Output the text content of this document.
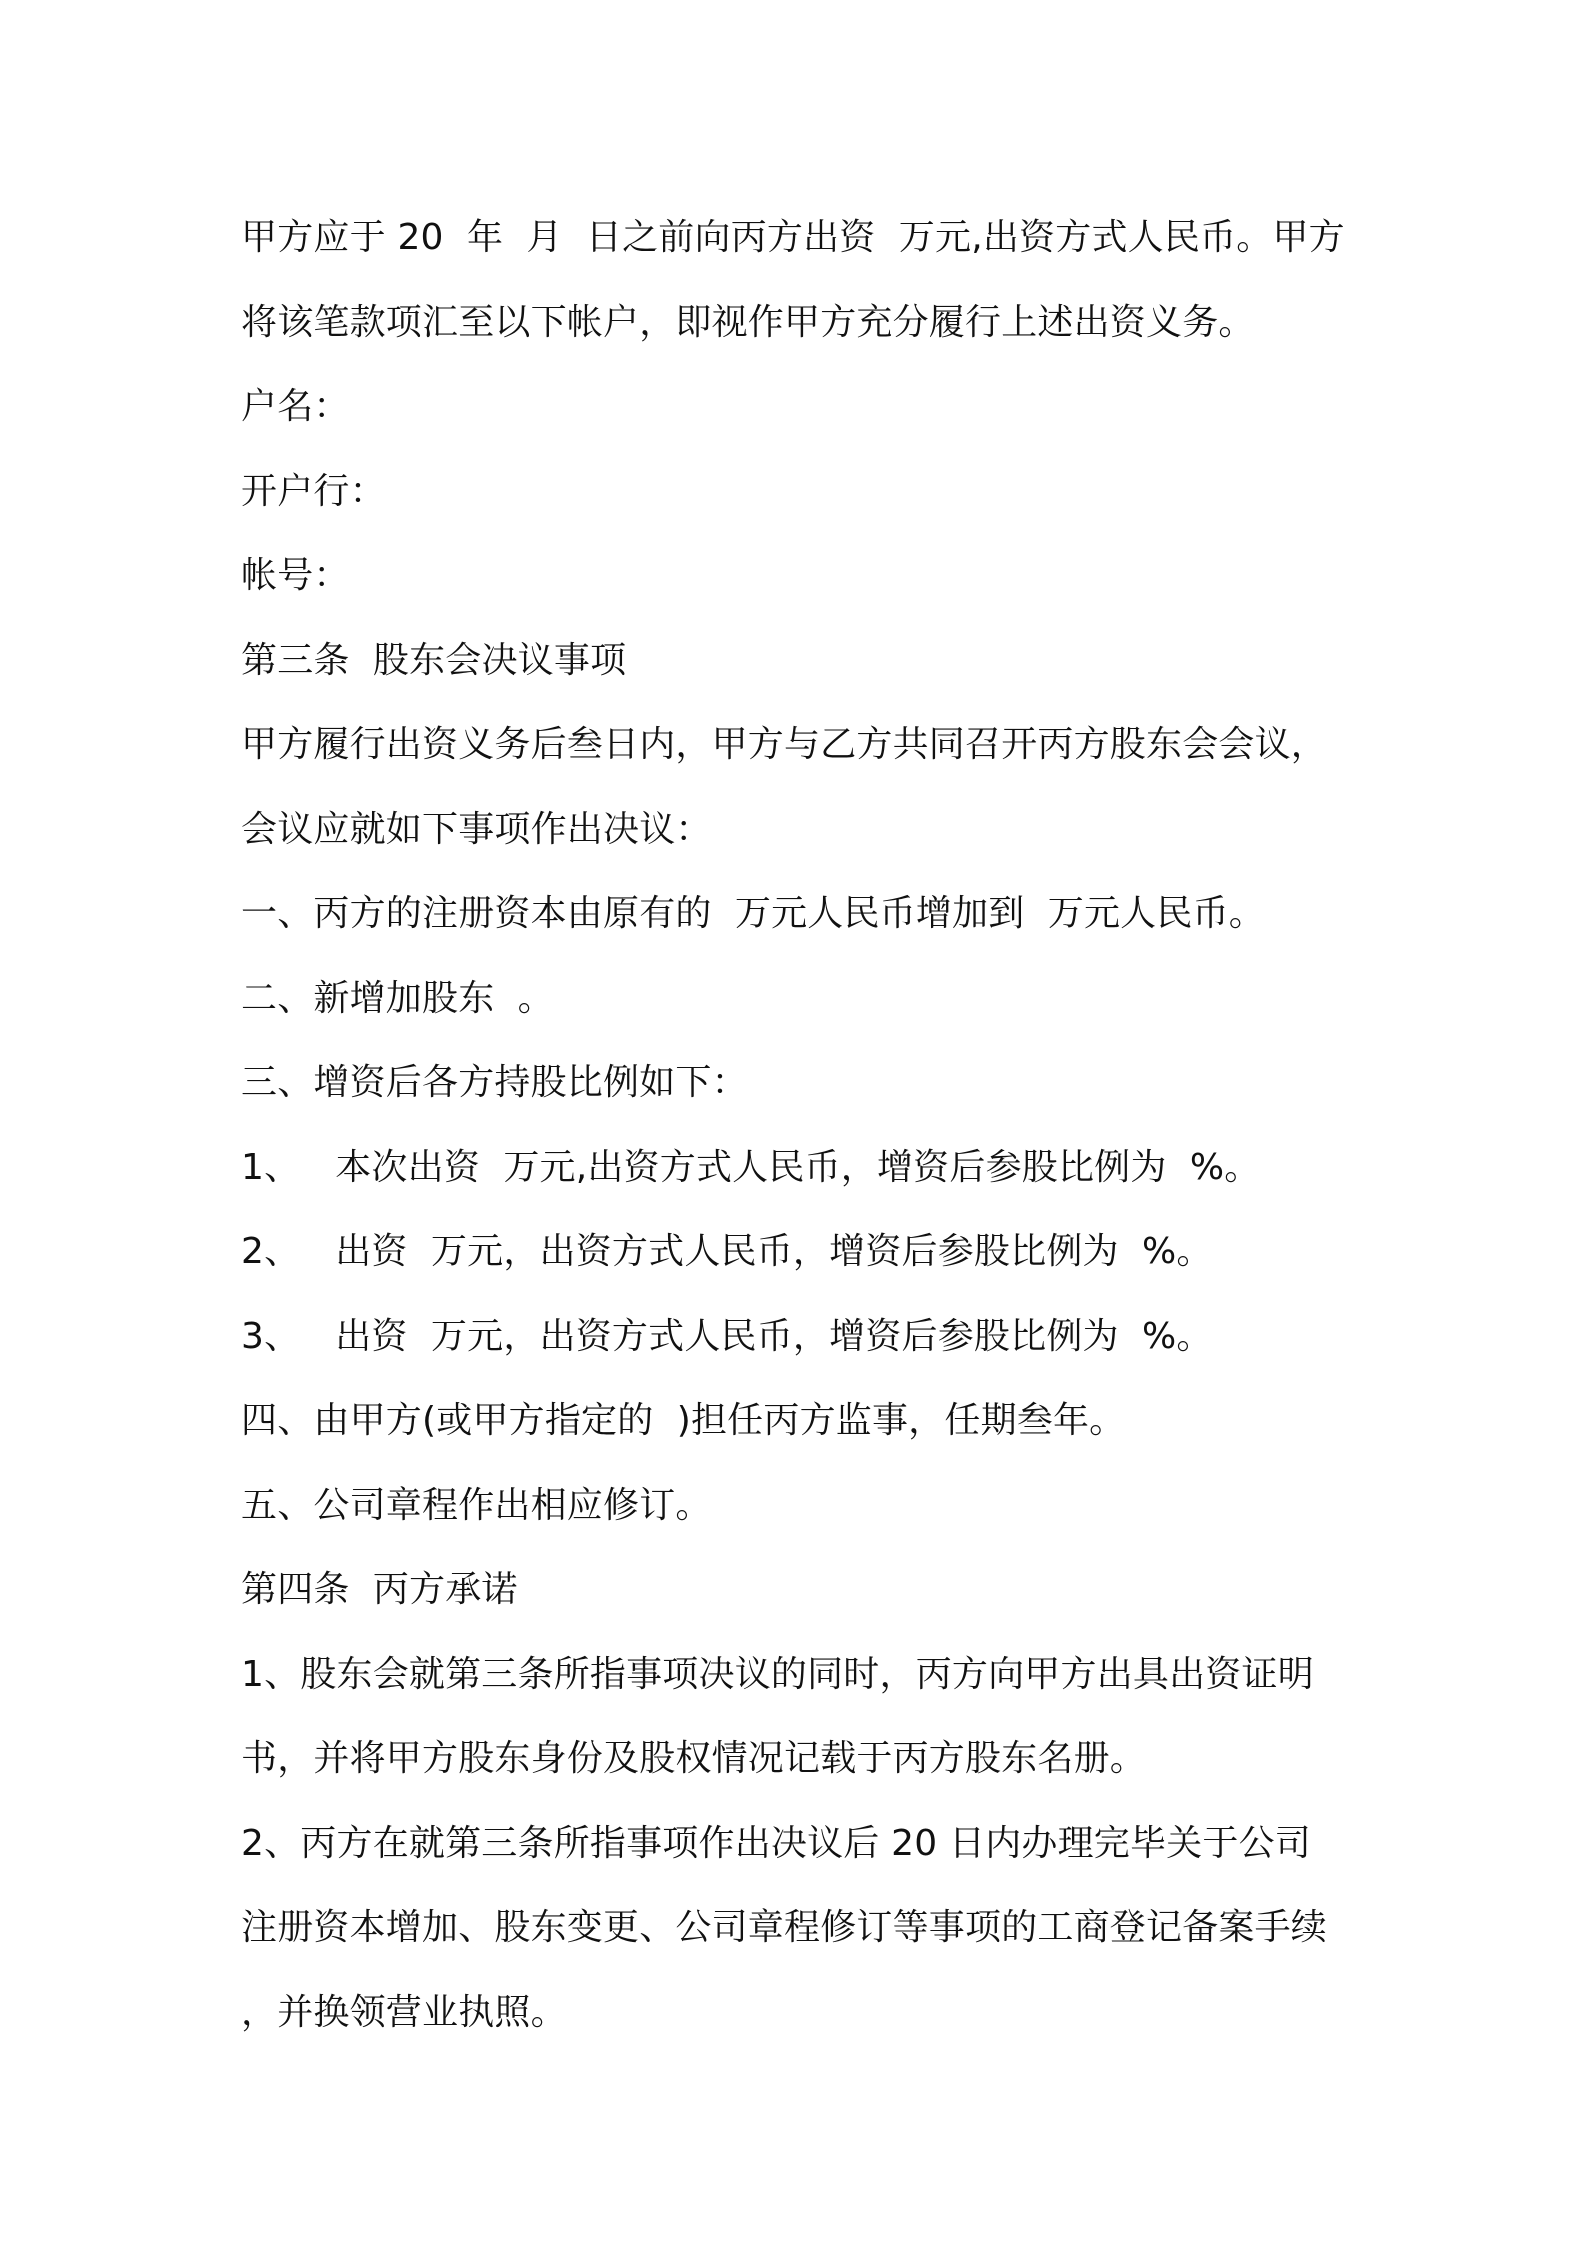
甲方应于 20  年  月  日之前向丙方出资  万元,出资方式人民币。甲方
将该笔款项汇至以下帐户，即视作甲方充分履行上述出资义务。
户名：
开户行：
帐号：
第三条  股东会决议事项
甲方履行出资义务后叁日内，甲方与乙方共同召开丙方股东会会议，
会议应就如下事项作出决议：
一、丙方的注册资本由原有的  万元人民币增加到  万元人民币。
二、新增加股东  。
三、增资后各方持股比例如下：
1、   本次出资  万元,出资方式人民币，增资后参股比例为  %。
2、   出资  万元，出资方式人民币，增资后参股比例为  %。
3、   出资  万元，出资方式人民币，增资后参股比例为  %。
四、由甲方(或甲方指定的  )担任丙方监事，任期叁年。
五、公司章程作出相应修订。
第四条  丙方承诺
1、股东会就第三条所指事项决议的同时，丙方向甲方出具出资证明
书，并将甲方股东身份及股权情况记载于丙方股东名册。
2、丙方在就第三条所指事项作出决议后 20 日内办理完毕关于公司
注册资本增加、股东变更、公司章程修订等事项的工商登记备案手续
，并换领营业执照。
